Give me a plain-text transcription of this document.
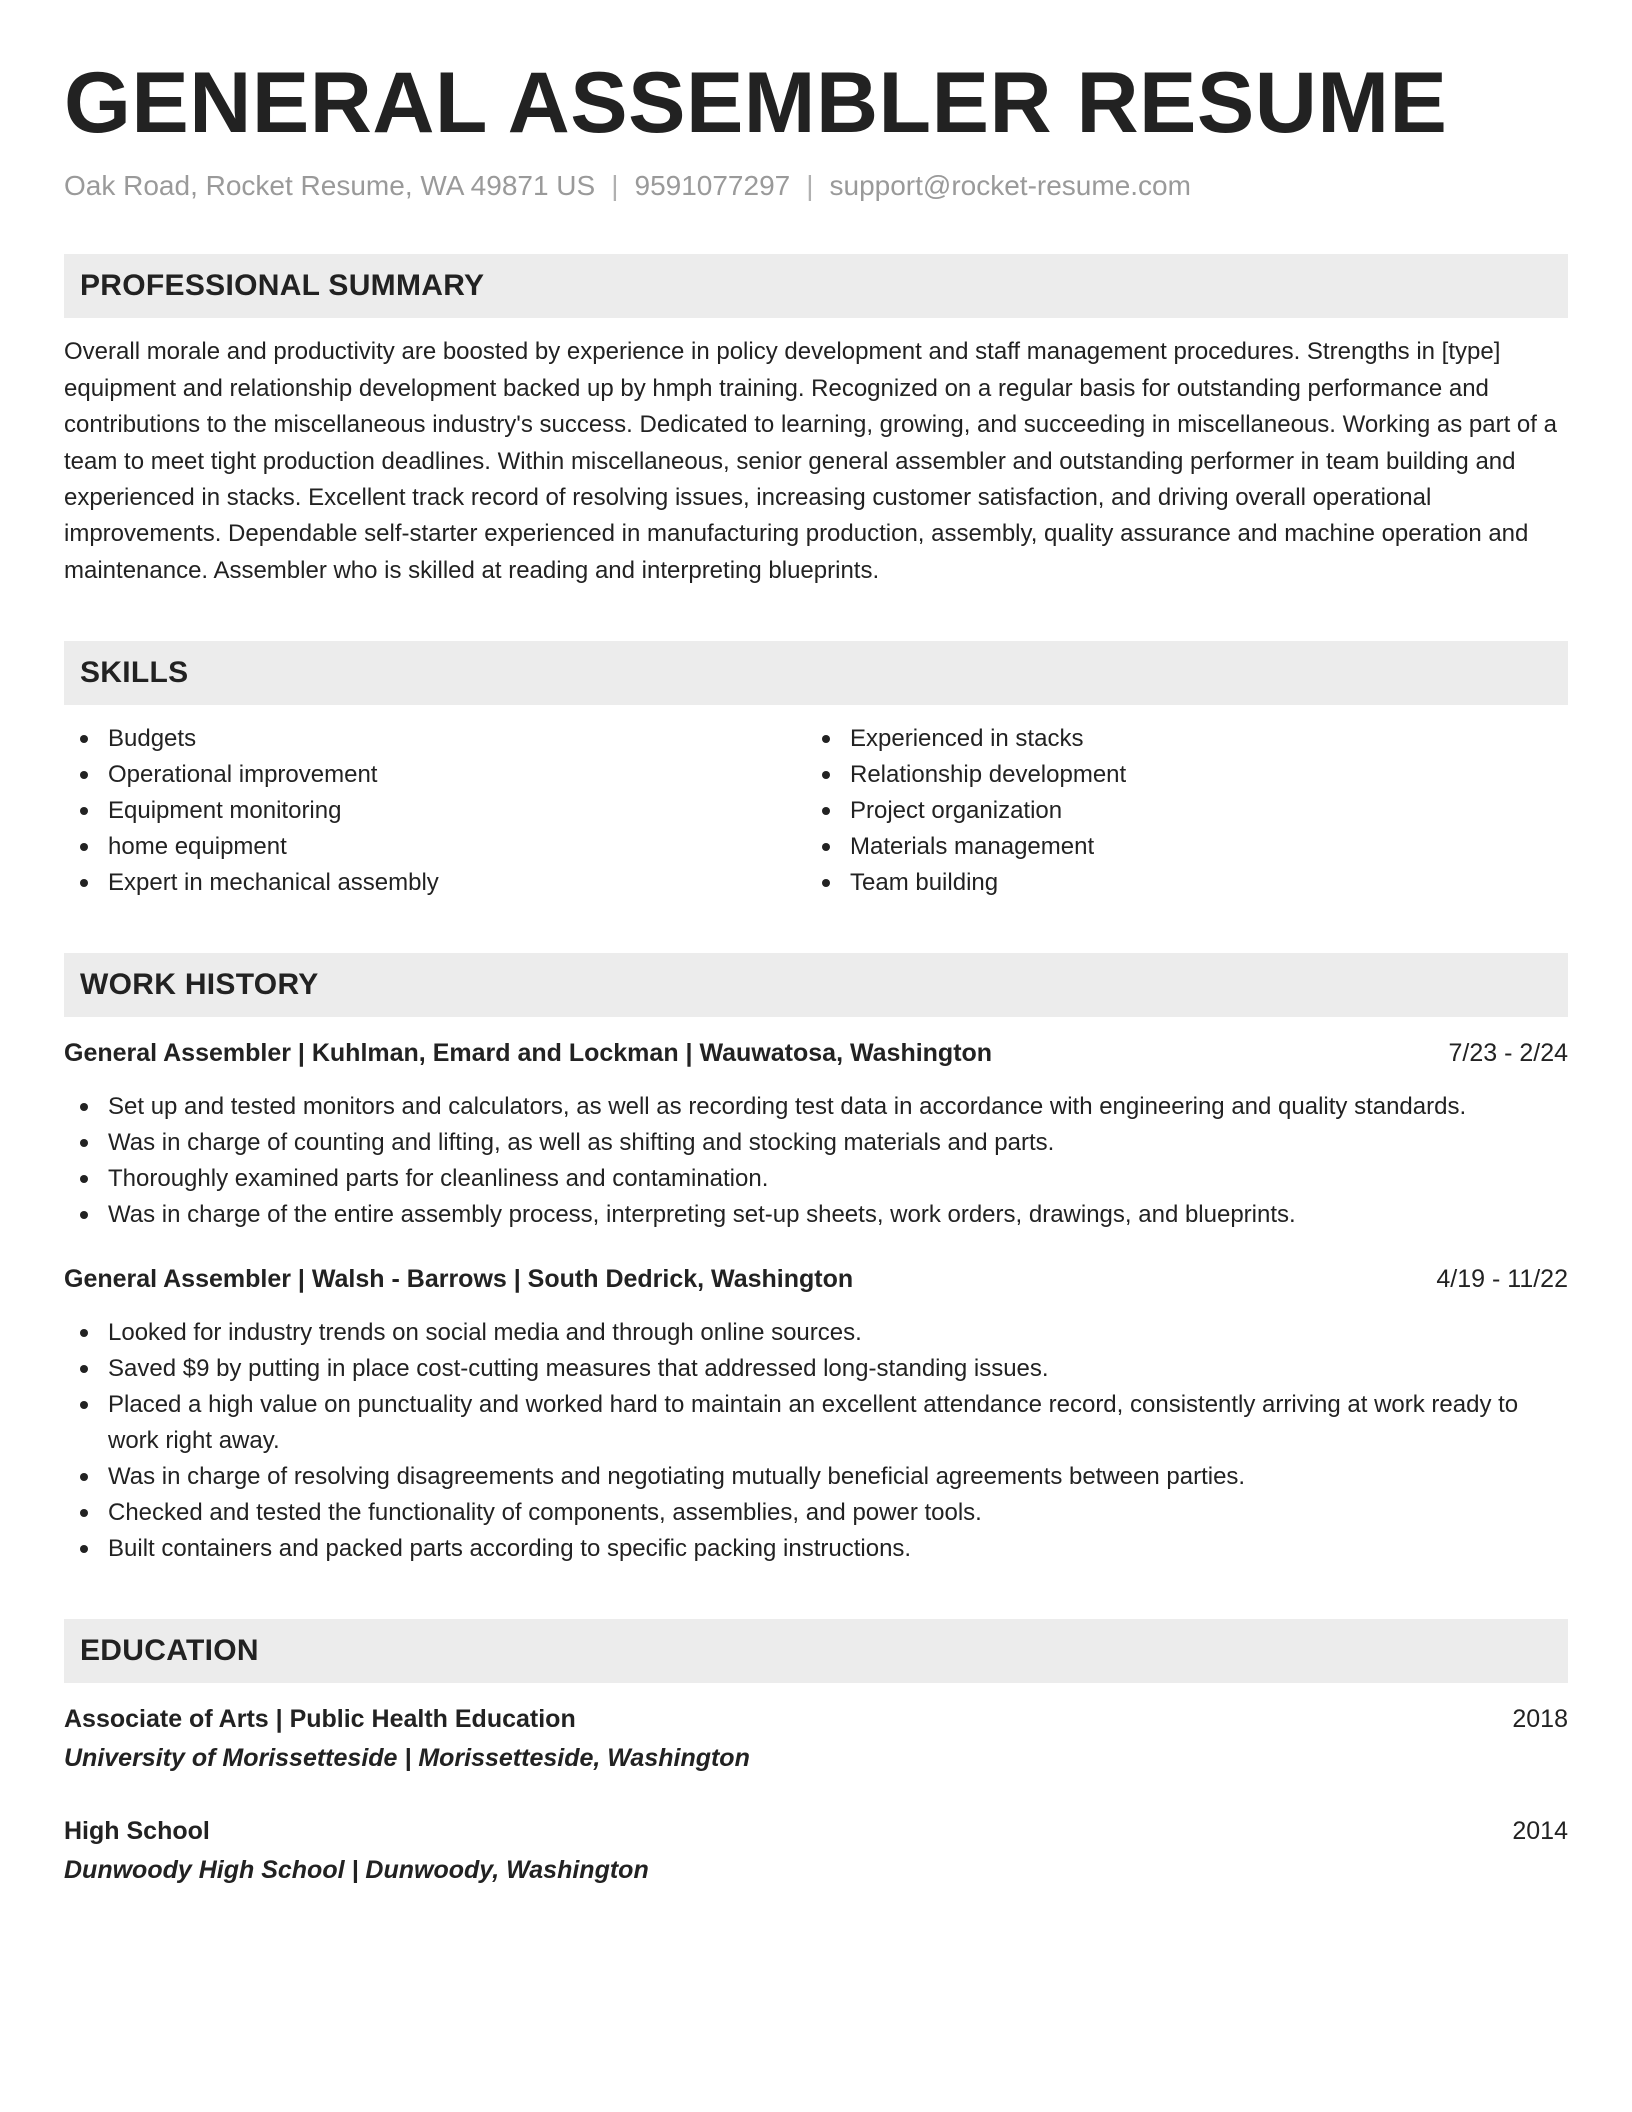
GENERAL ASSEMBLER RESUME
Oak Road, Rocket Resume, WA 49871 US | 9591077297 | support@rocket-resume.com
PROFESSIONAL SUMMARY
Overall morale and productivity are boosted by experience in policy development and staff management procedures. Strengths in [type] equipment and relationship development backed up by hmph training. Recognized on a regular basis for outstanding performance and contributions to the miscellaneous industry's success. Dedicated to learning, growing, and succeeding in miscellaneous. Working as part of a team to meet tight production deadlines. Within miscellaneous, senior general assembler and outstanding performer in team building and experienced in stacks. Excellent track record of resolving issues, increasing customer satisfaction, and driving overall operational improvements. Dependable self-starter experienced in manufacturing production, assembly, quality assurance and machine operation and maintenance. Assembler who is skilled at reading and interpreting blueprints.
SKILLS
Budgets
Operational improvement
Equipment monitoring
home equipment
Expert in mechanical assembly
Experienced in stacks
Relationship development
Project organization
Materials management
Team building
WORK HISTORY
General Assembler | Kuhlman, Emard and Lockman | Wauwatosa, Washington	7/23 - 2/24
Set up and tested monitors and calculators, as well as recording test data in accordance with engineering and quality standards.
Was in charge of counting and lifting, as well as shifting and stocking materials and parts.
Thoroughly examined parts for cleanliness and contamination.
Was in charge of the entire assembly process, interpreting set-up sheets, work orders, drawings, and blueprints.
General Assembler | Walsh - Barrows | South Dedrick, Washington	4/19 - 11/22
Looked for industry trends on social media and through online sources.
Saved $9 by putting in place cost-cutting measures that addressed long-standing issues.
Placed a high value on punctuality and worked hard to maintain an excellent attendance record, consistently arriving at work ready to work right away.
Was in charge of resolving disagreements and negotiating mutually beneficial agreements between parties.
Checked and tested the functionality of components, assemblies, and power tools.
Built containers and packed parts according to specific packing instructions.
EDUCATION
Associate of Arts | Public Health Education	2018
University of Morissetteside | Morissetteside, Washington
High School	2014
Dunwoody High School | Dunwoody, Washington
